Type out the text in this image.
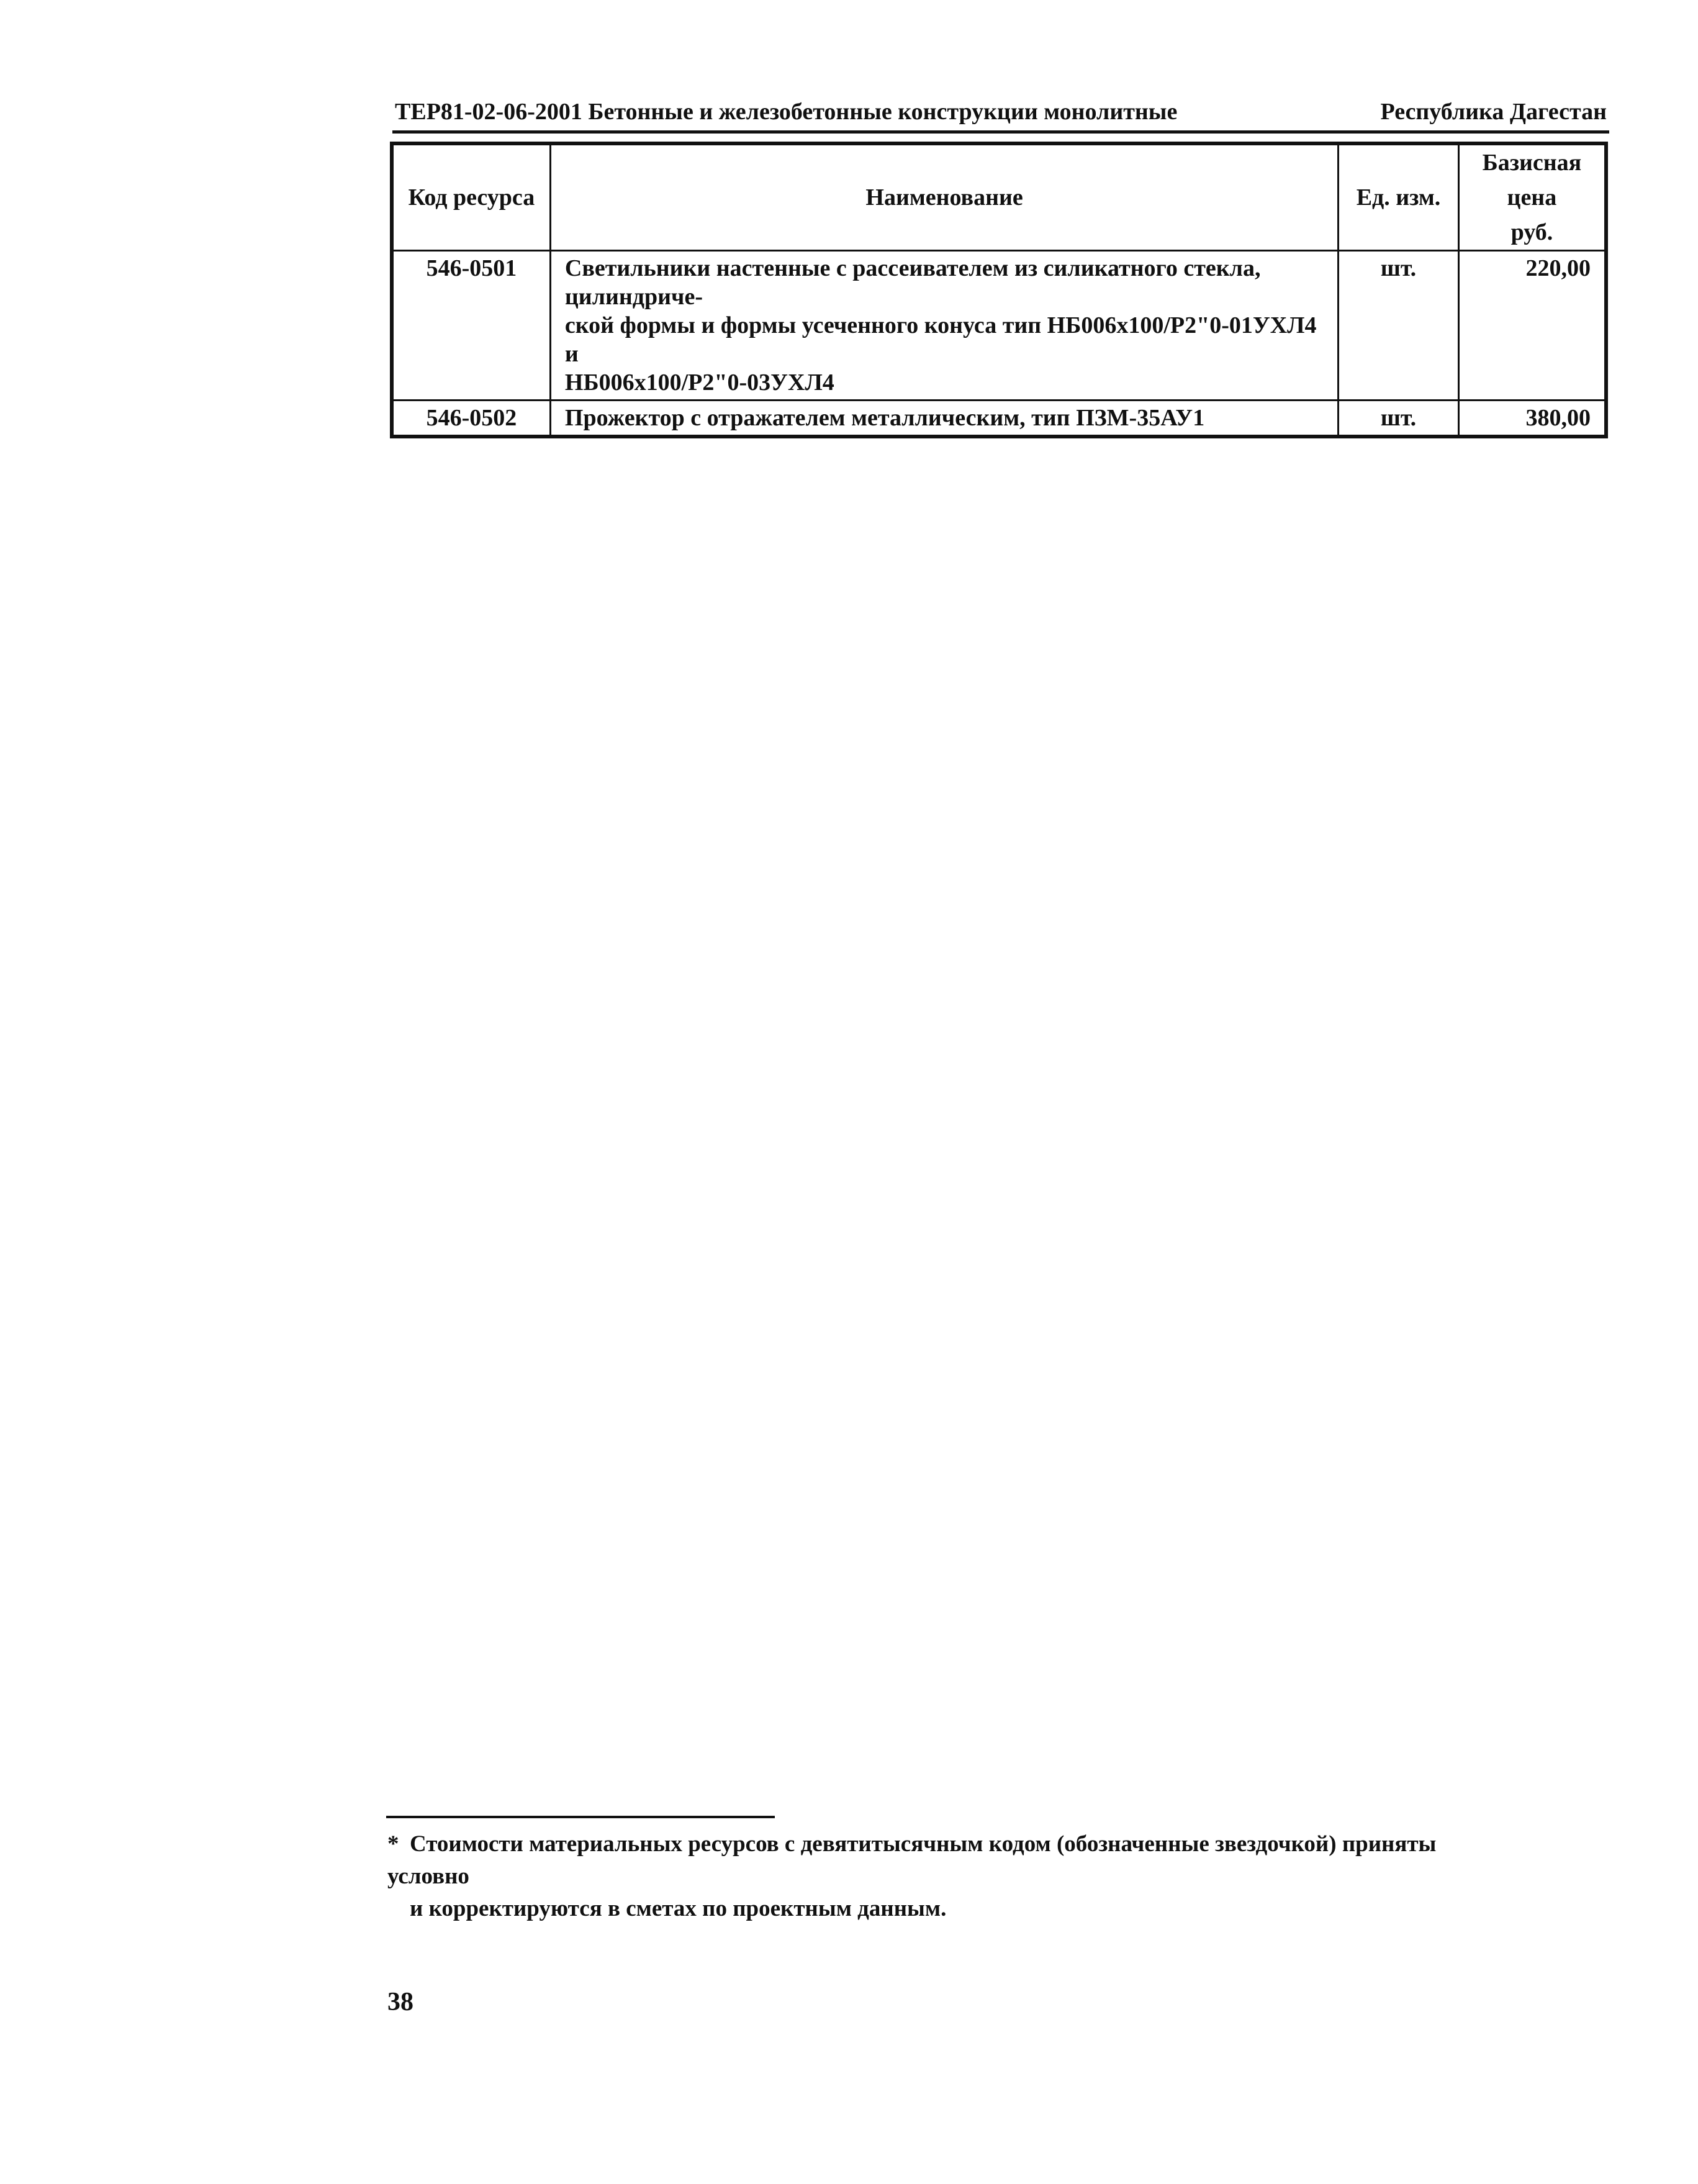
ТЕР81-02-06-2001 Бетонные и железобетонные конструкции монолитные	Республика Дагестан
Код ресурса	Наименование	Ед. изм.	Базисная цена
руб.

546-0501	Светильники настенные с рассеивателем из силикатного стекла, цилиндриче-
ской формы и формы усеченного конуса тип НБ006х100/Р2"0-01УХЛ4 и
НБ006х100/Р2"0-03УХЛ4	шт.	220,00
546-0502	Прожектор с отражателем металлическим, тип ПЗМ-35АУ1	шт.	380,00
* Стоимости материальных ресурсов с девятитысячным кодом (обозначенные звездочкой) приняты условно
и корректируются в сметах по проектным данным.
38
